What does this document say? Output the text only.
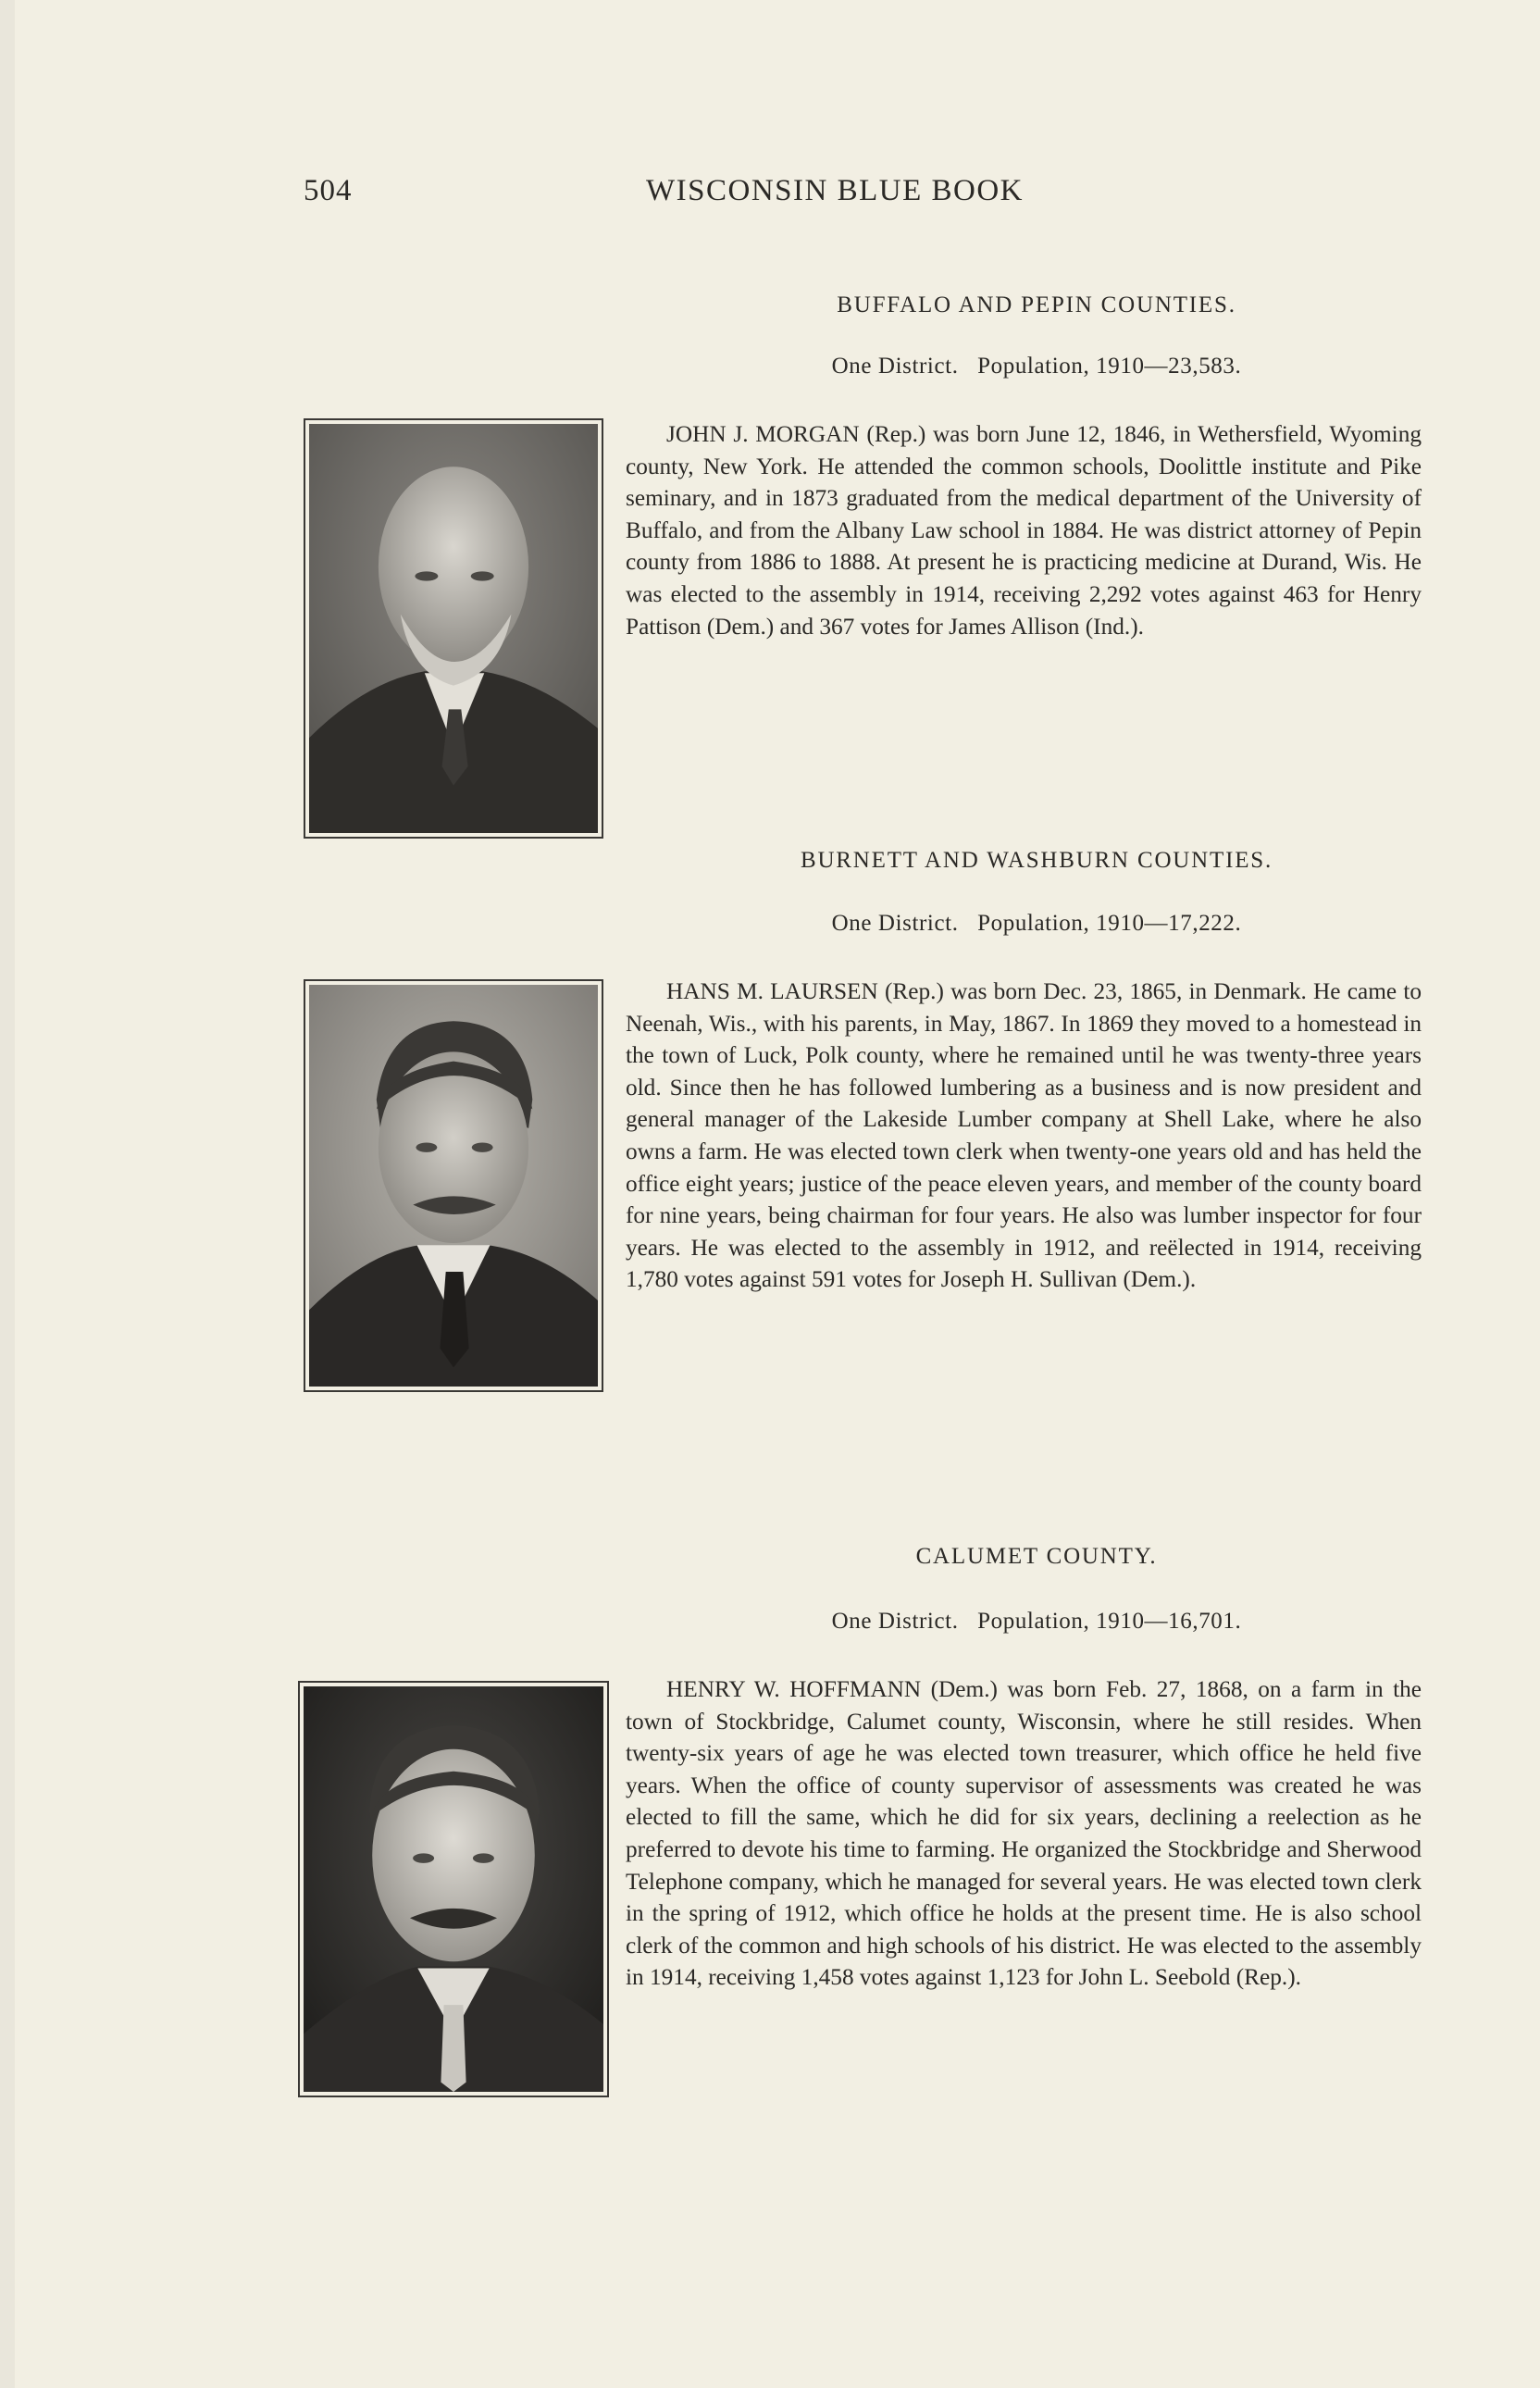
504	WISCONSIN BLUE BOOK
BUFFALO AND PEPIN COUNTIES.
One District.   Population, 1910—23,583.

JOHN J. MORGAN (Rep.) was born June 12, 1846, in Wethersfield, Wyoming county, New York. He attended the common schools, Doolittle institute and Pike seminary, and in 1873 graduated from the medical department of the University of Buffalo, and from the Albany Law school in 1884. He was district attorney of Pepin county from 1886 to 1888. At present he is practicing medicine at Durand, Wis. He was elected to the assembly in 1914, receiving 2,292 votes against 463 for Henry Pattison (Dem.) and 367 votes for James Allison (Ind.).

BURNETT AND WASHBURN COUNTIES.
One District.   Population, 1910—17,222.

HANS M. LAURSEN (Rep.) was born Dec. 23, 1865, in Denmark. He came to Neenah, Wis., with his parents, in May, 1867. In 1869 they moved to a homestead in the town of Luck, Polk county, where he remained until he was twenty-three years old. Since then he has followed lumbering as a business and is now president and general manager of the Lakeside Lumber company at Shell Lake, where he also owns a farm. He was elected town clerk when twenty-one years old and has held the office eight years; justice of the peace eleven years, and member of the county board for nine years, being chairman for four years. He also was lumber inspector for four years. He was elected to the assembly in 1912, and reëlected in 1914, receiving 1,780 votes against 591 votes for Joseph H. Sullivan (Dem.).

CALUMET COUNTY.
One District.   Population, 1910—16,701.

HENRY W. HOFFMANN (Dem.) was born Feb. 27, 1868, on a farm in the town of Stockbridge, Calumet county, Wisconsin, where he still resides. When twenty-six years of age he was elected town treasurer, which office he held five years. When the office of county supervisor of assessments was created he was elected to fill the same, which he did for six years, declining a reelection as he preferred to devote his time to farming. He organized the Stockbridge and Sherwood Telephone company, which he managed for several years. He was elected town clerk in the spring of 1912, which office he holds at the present time. He is also school clerk of the common and high schools of his district. He was elected to the assembly in 1914, receiving 1,458 votes against 1,123 for John L. Seebold (Rep.).
